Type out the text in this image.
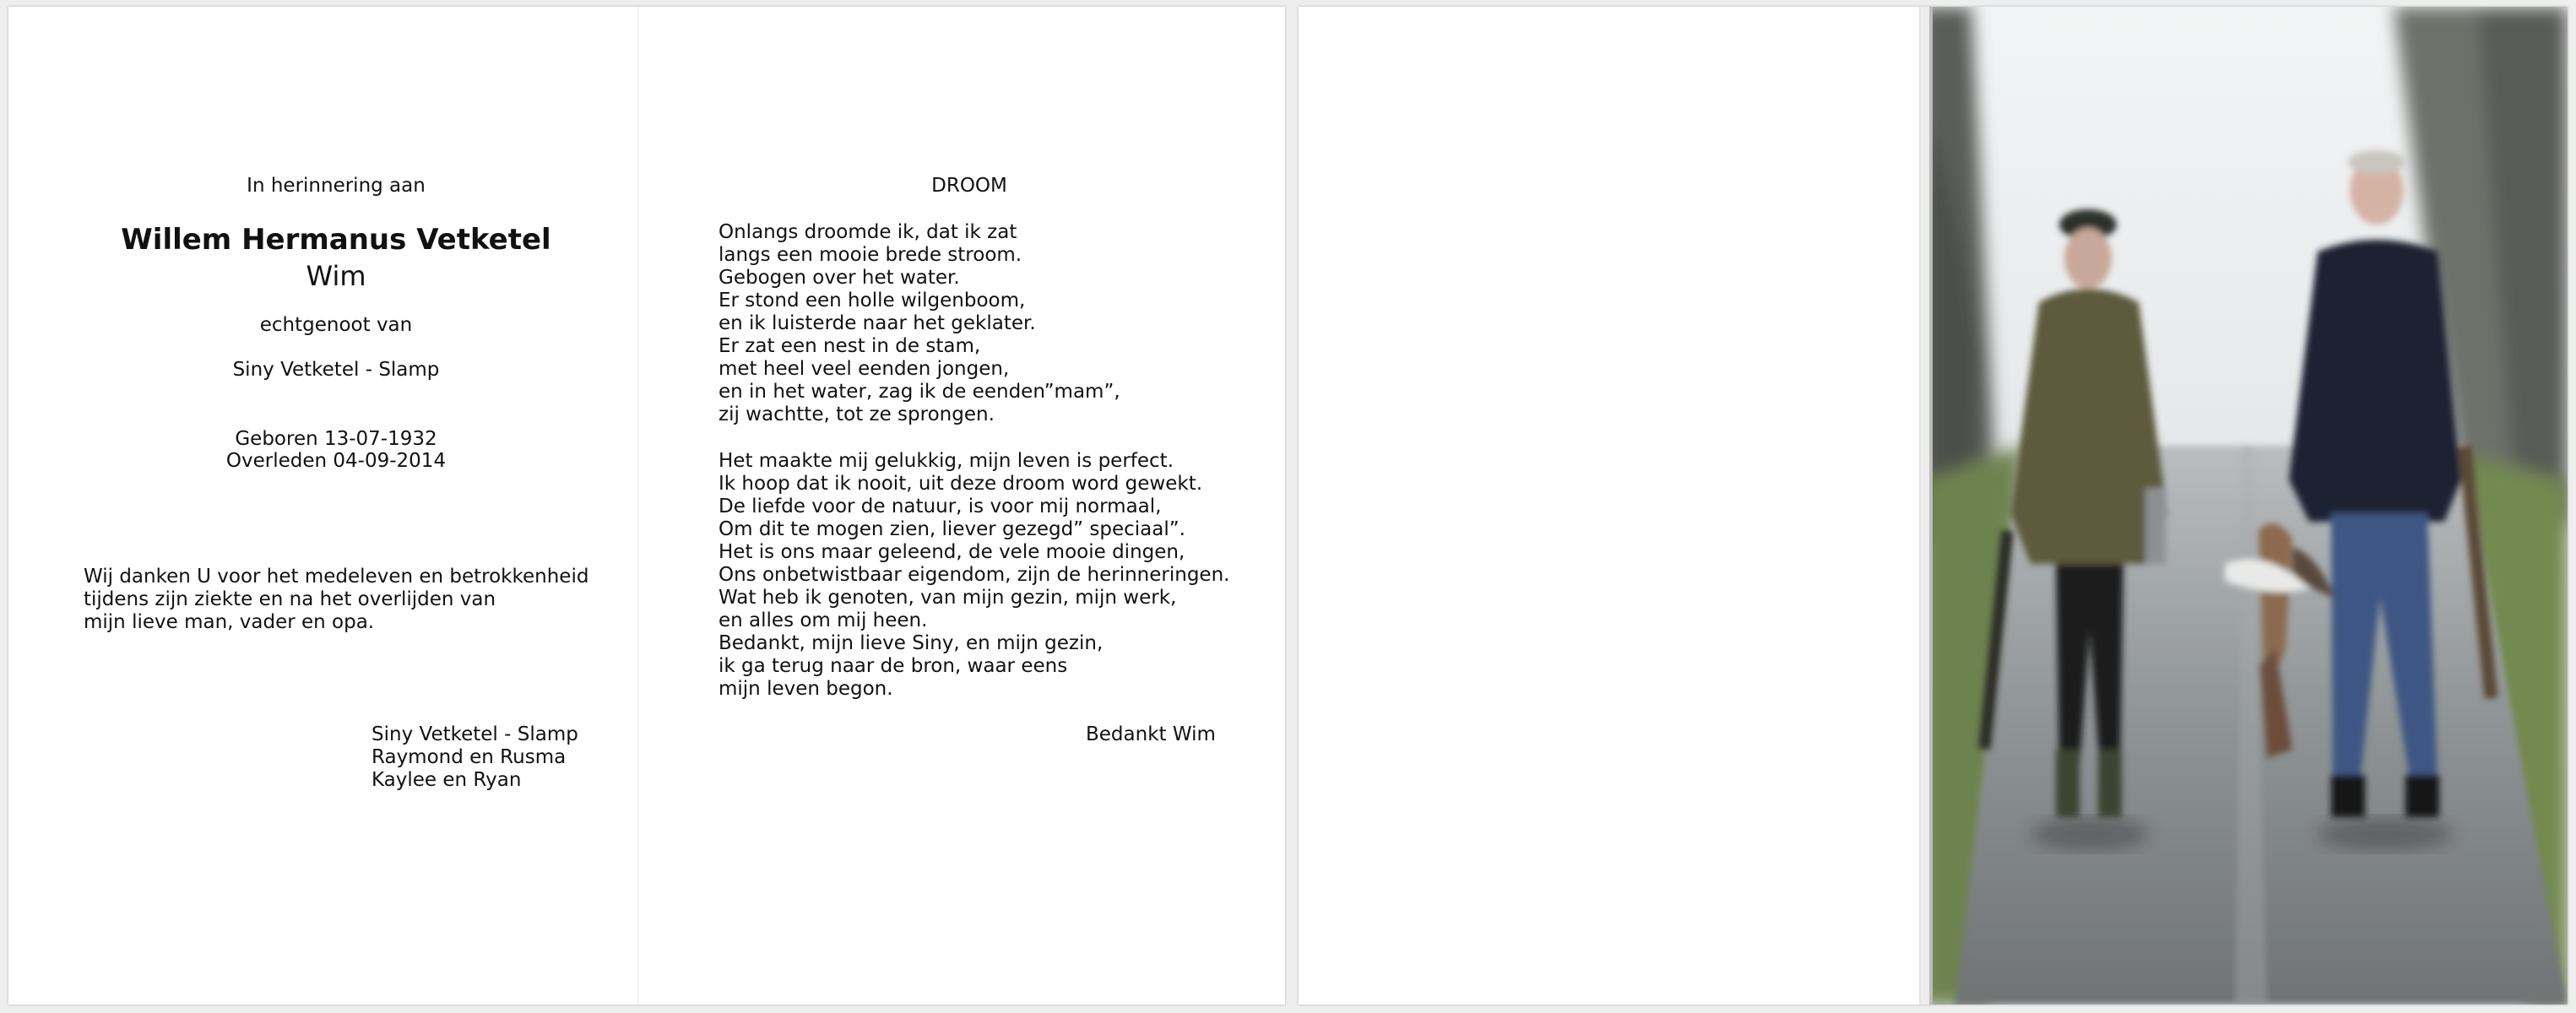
In herinnering aan
Willem Hermanus Vetketel
Wim
echtgenoot van
Siny Vetketel - Slamp
Geboren 13-07-1932
Overleden 04-09-2014
Wij danken U voor het medeleven en betrokkenheid
tijdens zijn ziekte en na het overlijden van
mijn lieve man, vader en opa.
Siny Vetketel - Slamp
Raymond en Rusma
Kaylee en Ryan
DROOM
Onlangs droomde ik, dat ik zat
langs een mooie brede stroom.
Gebogen over het water.
Er stond een holle wilgenboom,
en ik luisterde naar het geklater.
Er zat een nest in de stam,
met heel veel eenden jongen,
en in het water, zag ik de eenden”mam”,
zij wachtte, tot ze sprongen.
Het maakte mij gelukkig, mijn leven is perfect.
Ik hoop dat ik nooit, uit deze droom word gewekt.
De liefde voor de natuur, is voor mij normaal,
Om dit te mogen zien, liever gezegd” speciaal”.
Het is ons maar geleend, de vele mooie dingen,
Ons onbetwistbaar eigendom, zijn de herinneringen.
Wat heb ik genoten, van mijn gezin, mijn werk,
en alles om mij heen.
Bedankt, mijn lieve Siny, en mijn gezin,
ik ga terug naar de bron, waar eens
mijn leven begon.
Bedankt Wim
